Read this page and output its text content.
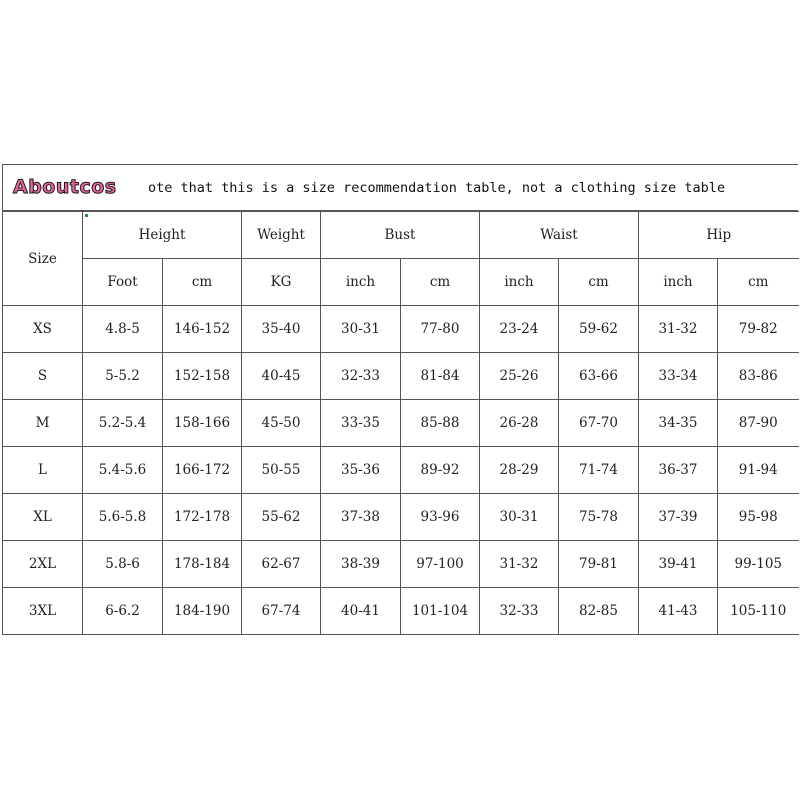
ote that this is a size recommendation table, not a clothing size table
Aboutcos
Size	Height		Weight	Bust		Waist		Hip	
	Foot	cm	KG	inch	cm	inch	cm	inch	cm
XS	4.8-5	146-152	35-40	30-31	77-80	23-24	59-62	31-32	79-82
S	5-5.2	152-158	40-45	32-33	81-84	25-26	63-66	33-34	83-86
M	5.2-5.4	158-166	45-50	33-35	85-88	26-28	67-70	34-35	87-90
L	5.4-5.6	166-172	50-55	35-36	89-92	28-29	71-74	36-37	91-94
XL	5.6-5.8	172-178	55-62	37-38	93-96	30-31	75-78	37-39	95-98
2XL	5.8-6	178-184	62-67	38-39	97-100	31-32	79-81	39-41	99-105
3XL	6-6.2	184-190	67-74	40-41	101-104	32-33	82-85	41-43	105-110
